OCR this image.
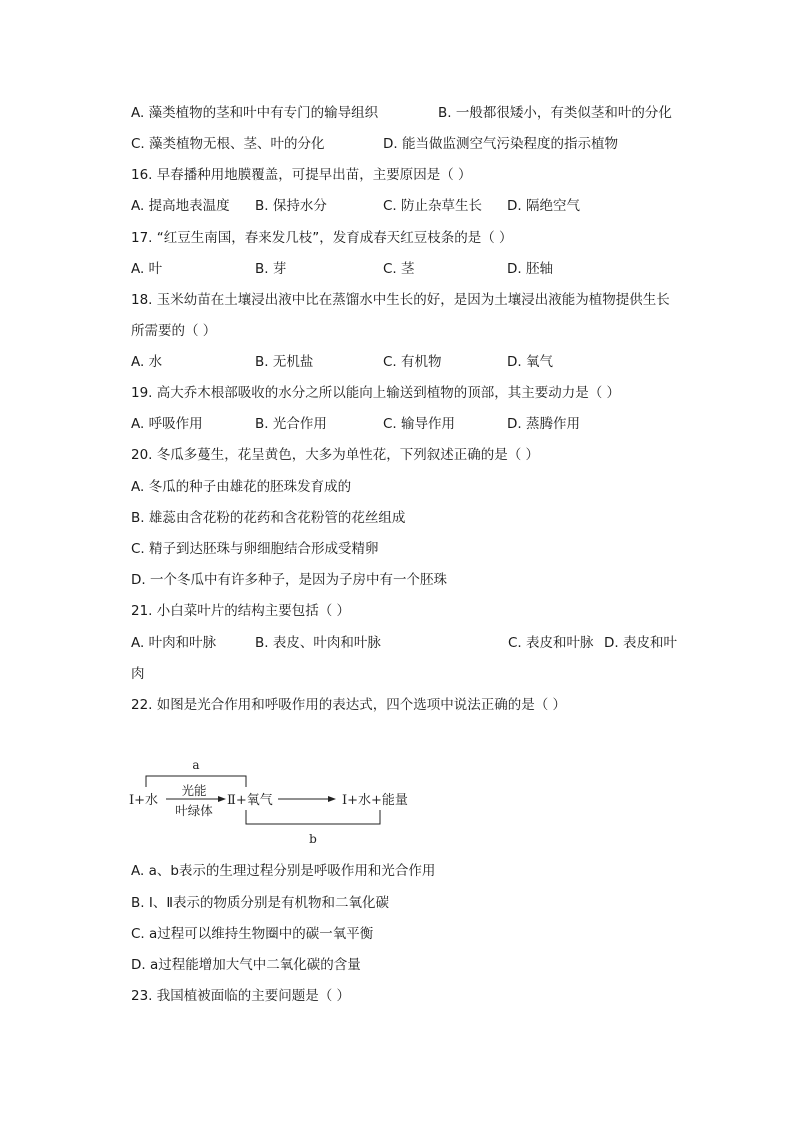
A. 藻类植物的茎和叶中有专门的输导组织	B. 一般都很矮小，有类似茎和叶的分化
C. 藻类植物无根、茎、叶的分化	D. 能当做监测空气污染程度的指示植物
16. 早春播种用地膜覆盖，可提早出苗，主要原因是（ ）
A. 提高地表温度 B. 保持水分	C. 防止杂草生长 D. 隔绝空气
17. “红豆生南国，春来发几枝”，发育成春天红豆枝条的是（ ）
A. 叶	B. 芽	C. 茎	D. 胚轴
18. 玉米幼苗在土壤浸出液中比在蒸馏水中生长的好，是因为土壤浸出液能为植物提供生长
所需要的（ ）
A. 水	B. 无机盐	C. 有机物	D. 氧气
19. 高大乔木根部吸收的水分之所以能向上输送到植物的顶部，其主要动力是（ ）
A. 呼吸作用	B. 光合作用	C. 输导作用	D. 蒸腾作用
20. 冬瓜多蔓生，花呈黄色，大多为单性花，下列叙述正确的是（ ）
A. 冬瓜的种子由雄花的胚珠发育成的
B. 雄蕊由含花粉的花药和含花粉管的花丝组成
C. 精子到达胚珠与卵细胞结合形成受精卵
D. 一个冬瓜中有许多种子，是因为子房中有一个胚珠
21. 小白菜叶片的结构主要包括（ ）
A. 叶肉和叶脉	B. 表皮、叶肉和叶脉	C. 表皮和叶脉 D. 表皮和叶
肉
22. 如图是光合作用和呼吸作用的表达式，四个选项中说法正确的是（ ）
a
Ⅰ+水
光能
叶绿体
Ⅱ+氧气	Ⅰ+水+能量
b
A. a、b表示的生理过程分别是呼吸作用和光合作用
B. Ⅰ、Ⅱ表示的物质分别是有机物和二氧化碳
C. a过程可以维持生物圈中的碳一氧平衡
D. a过程能增加大气中二氧化碳的含量
23. 我国植被面临的主要问题是（ ）
